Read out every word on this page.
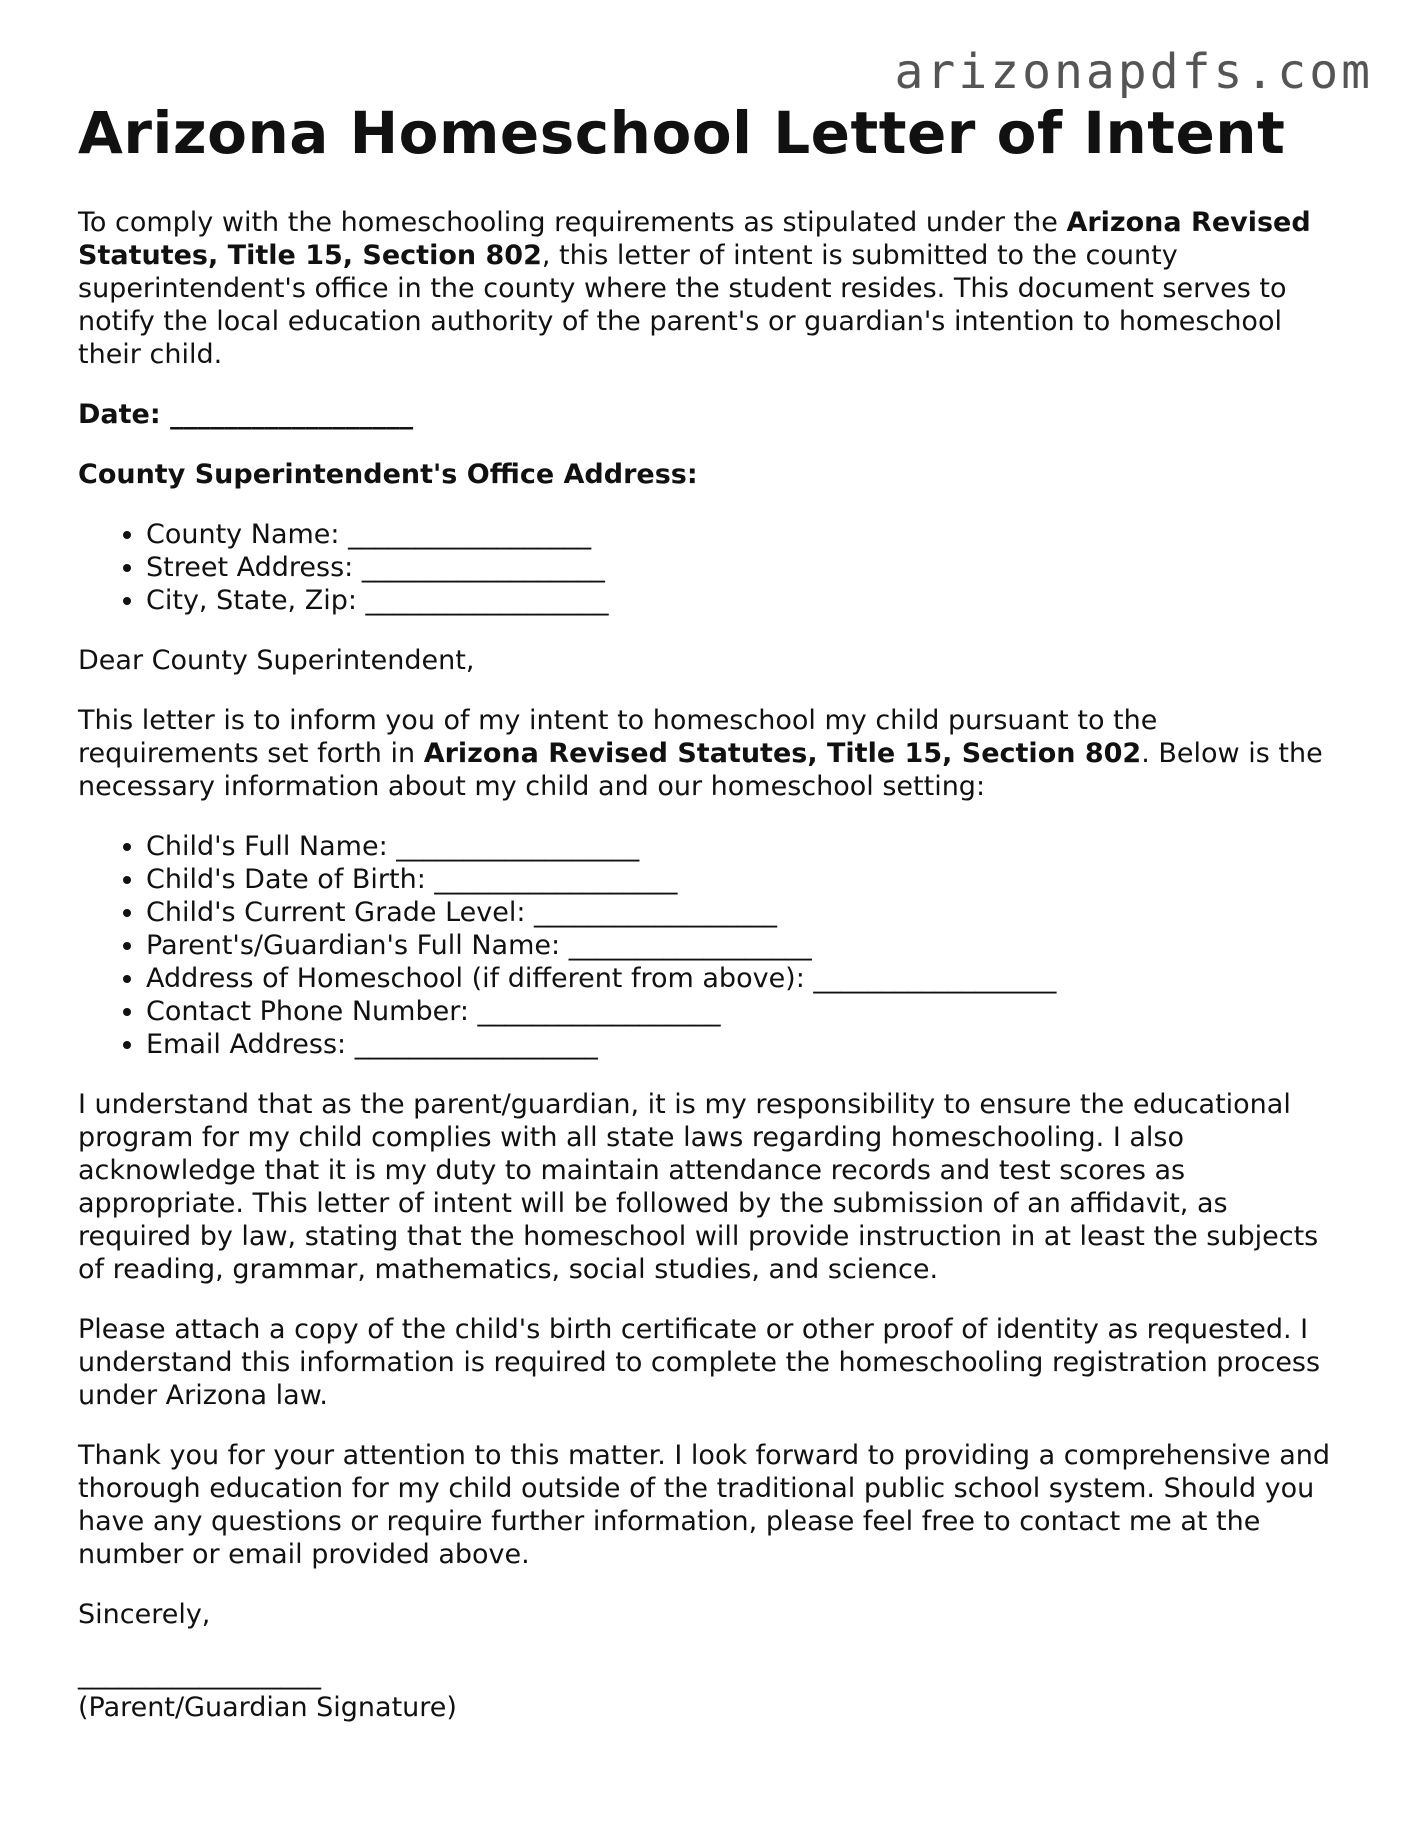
arizonapdfs.com
Arizona Homeschool Letter of Intent

To comply with the homeschooling requirements as stipulated under the Arizona Revised Statutes, Title 15, Section 802, this letter of intent is submitted to the county superintendent's office in the county where the student resides. This document serves to notify the local education authority of the parent's or guardian's intention to homeschool their child.

Date: __________________

County Superintendent's Office Address:

• County Name: __________________
• Street Address: __________________
• City, State, Zip: __________________

Dear County Superintendent,

This letter is to inform you of my intent to homeschool my child pursuant to the requirements set forth in Arizona Revised Statutes, Title 15, Section 802. Below is the necessary information about my child and our homeschool setting:

• Child's Full Name: __________________
• Child's Date of Birth: __________________
• Child's Current Grade Level: __________________
• Parent's/Guardian's Full Name: __________________
• Address of Homeschool (if different from above): __________________
• Contact Phone Number: __________________
• Email Address: __________________

I understand that as the parent/guardian, it is my responsibility to ensure the educational program for my child complies with all state laws regarding homeschooling. I also acknowledge that it is my duty to maintain attendance records and test scores as appropriate. This letter of intent will be followed by the submission of an affidavit, as required by law, stating that the homeschool will provide instruction in at least the subjects of reading, grammar, mathematics, social studies, and science.

Please attach a copy of the child's birth certificate or other proof of identity as requested. I understand this information is required to complete the homeschooling registration process under Arizona law.

Thank you for your attention to this matter. I look forward to providing a comprehensive and thorough education for my child outside of the traditional public school system. Should you have any questions or require further information, please feel free to contact me at the number or email provided above.

Sincerely,

__________________

(Parent/Guardian Signature)
